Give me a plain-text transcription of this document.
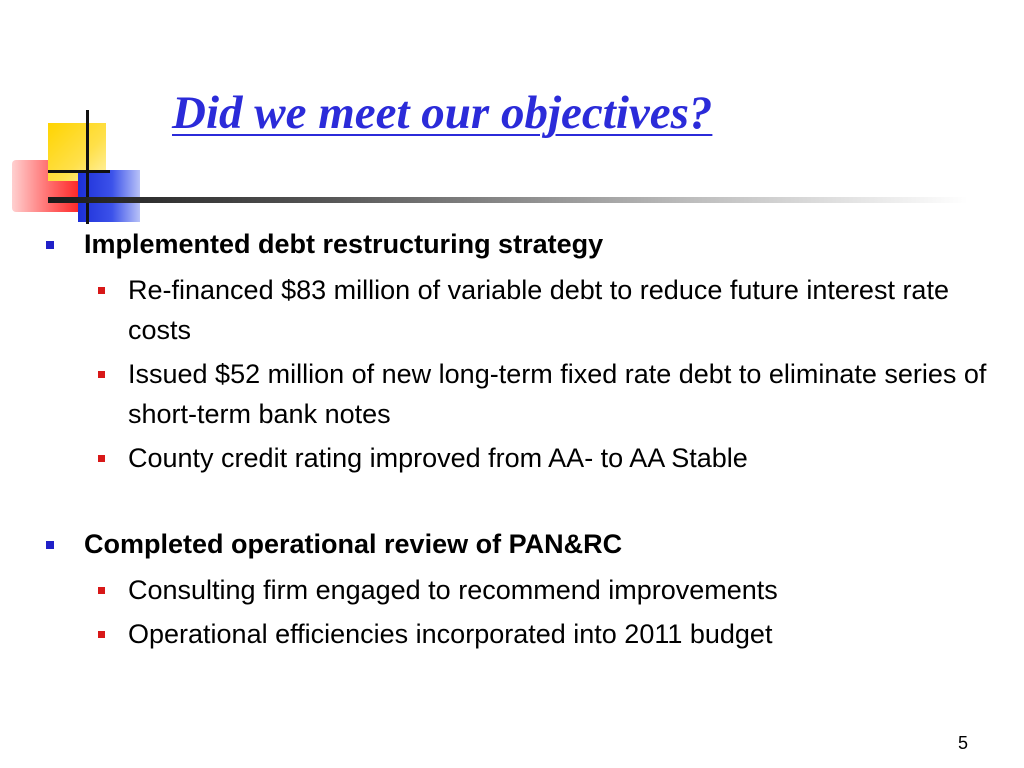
Did we meet our objectives?
Implemented debt restructuring strategy
Re-financed $83 million of variable debt to reduce future interest rate costs
Issued $52 million of new long-term fixed rate debt to eliminate series of short-term bank notes
County credit rating improved from AA- to AA Stable
Completed operational review of PAN&RC
Consulting firm engaged to recommend improvements
Operational efficiencies incorporated into 2011 budget
5
